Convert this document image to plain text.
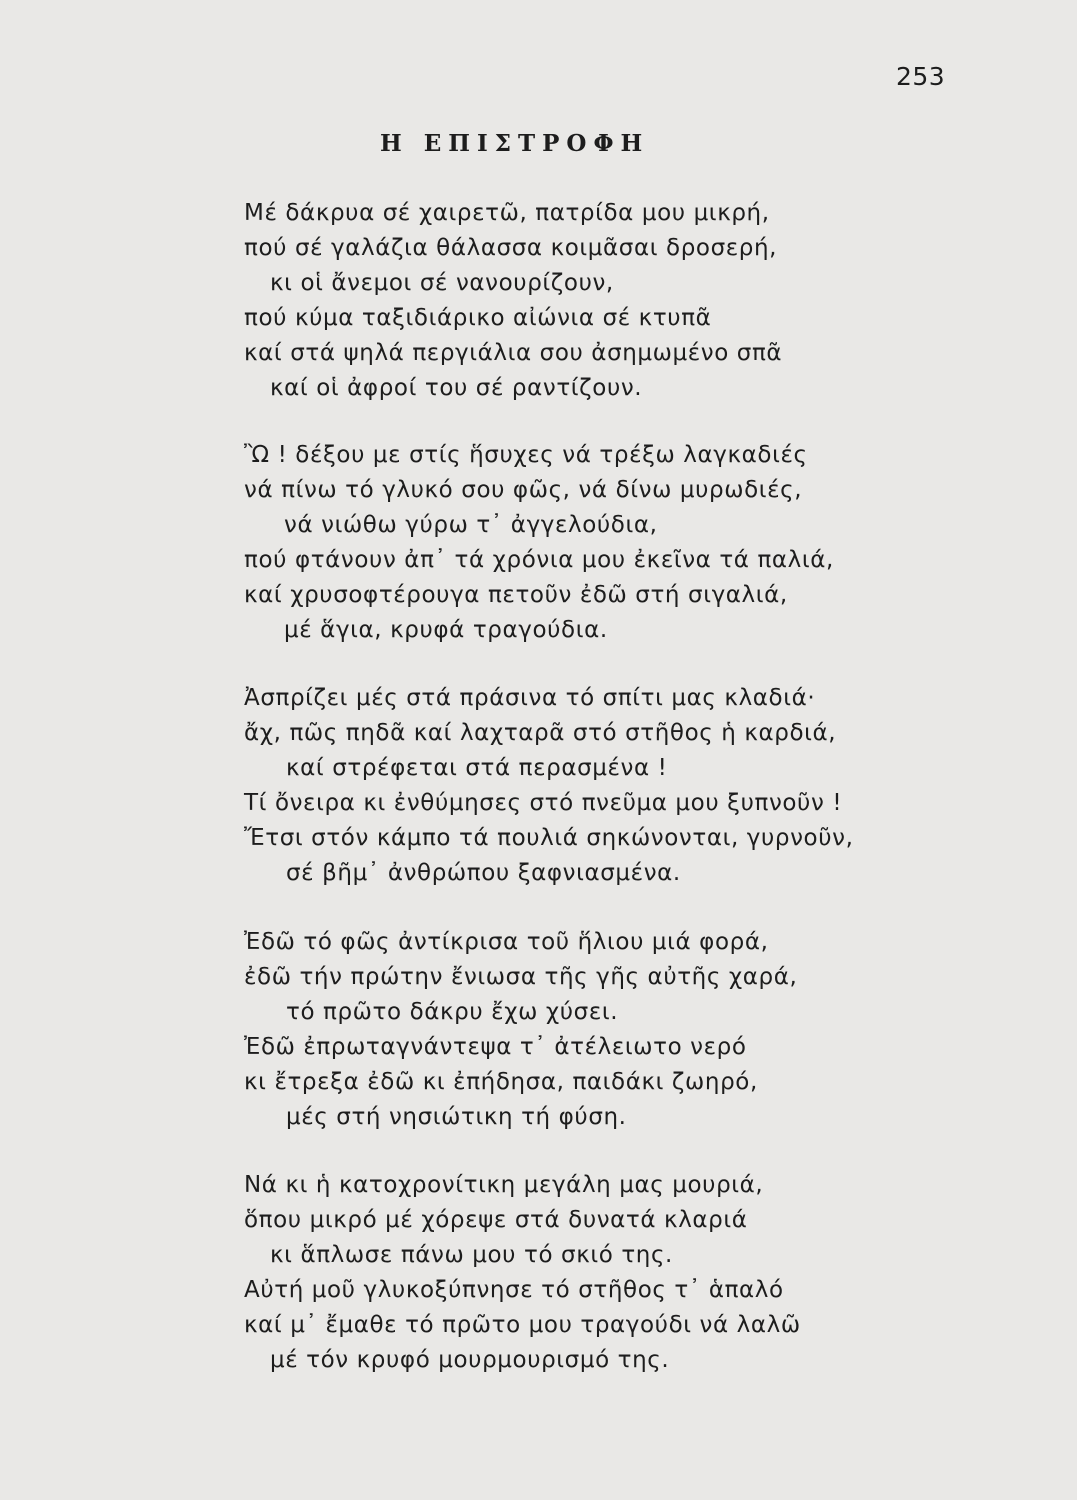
253
Η ΕΠΙΣΤΡΟΦΗ
Μέ δάκρυα σέ χαιρετῶ, πατρίδα μου μικρή,
πού σέ γαλάζια θάλασσα κοιμᾶσαι δροσερή,
κι οἱ ἄνεμοι σέ νανουρίζουν,
πού κύμα ταξιδιάρικο αἰώνια σέ κτυπᾶ
καί στά ψηλά περγιάλια σου ἀσημωμένο σπᾶ
καί οἱ ἀφροί του σέ ραντίζουν.
Ὢ ! δέξου με στίς ἥσυχες νά τρέξω λαγκαδιές
νά πίνω τό γλυκό σου φῶς, νά δίνω μυρωδιές,
νά νιώθω γύρω τ᾽ ἀγγελούδια,
πού φτάνουν ἀπ᾽ τά χρόνια μου ἐκεῖνα τά παλιά,
καί χρυσοφτέρουγα πετοῦν ἐδῶ στή σιγαλιά,
μέ ἅγια, κρυφά τραγούδια.
Ἀσπρίζει μές στά πράσινα τό σπίτι μας κλαδιά·
ἄχ, πῶς πηδᾶ καί λαχταρᾶ στό στῆθος ἡ καρδιά,
καί στρέφεται στά περασμένα !
Τί ὄνειρα κι ἐνθύμησες στό πνεῦμα μου ξυπνοῦν !
Ἔτσι στόν κάμπο τά πουλιά σηκώνονται, γυρνοῦν,
σέ βῆμ᾽ ἀνθρώπου ξαφνιασμένα.
Ἐδῶ τό φῶς ἀντίκρισα τοῦ ἥλιου μιά φορά,
ἐδῶ τήν πρώτην ἔνιωσα τῆς γῆς αὐτῆς χαρά,
τό πρῶτο δάκρυ ἔχω χύσει.
Ἐδῶ ἐπρωταγνάντεψα τ᾽ ἀτέλειωτο νερό
κι ἔτρεξα ἐδῶ κι ἐπήδησα, παιδάκι ζωηρό,
μές στή νησιώτικη τή φύση.
Νά κι ἡ κατοχρονίτικη μεγάλη μας μουριά,
ὅπου μικρό μέ χόρεψε στά δυνατά κλαριά
κι ἅπλωσε πάνω μου τό σκιό της.
Αὐτή μοῦ γλυκοξύπνησε τό στῆθος τ᾽ ἁπαλό
καί μ᾽ ἔμαθε τό πρῶτο μου τραγούδι νά λαλῶ
μέ τόν κρυφό μουρμουρισμό της.
